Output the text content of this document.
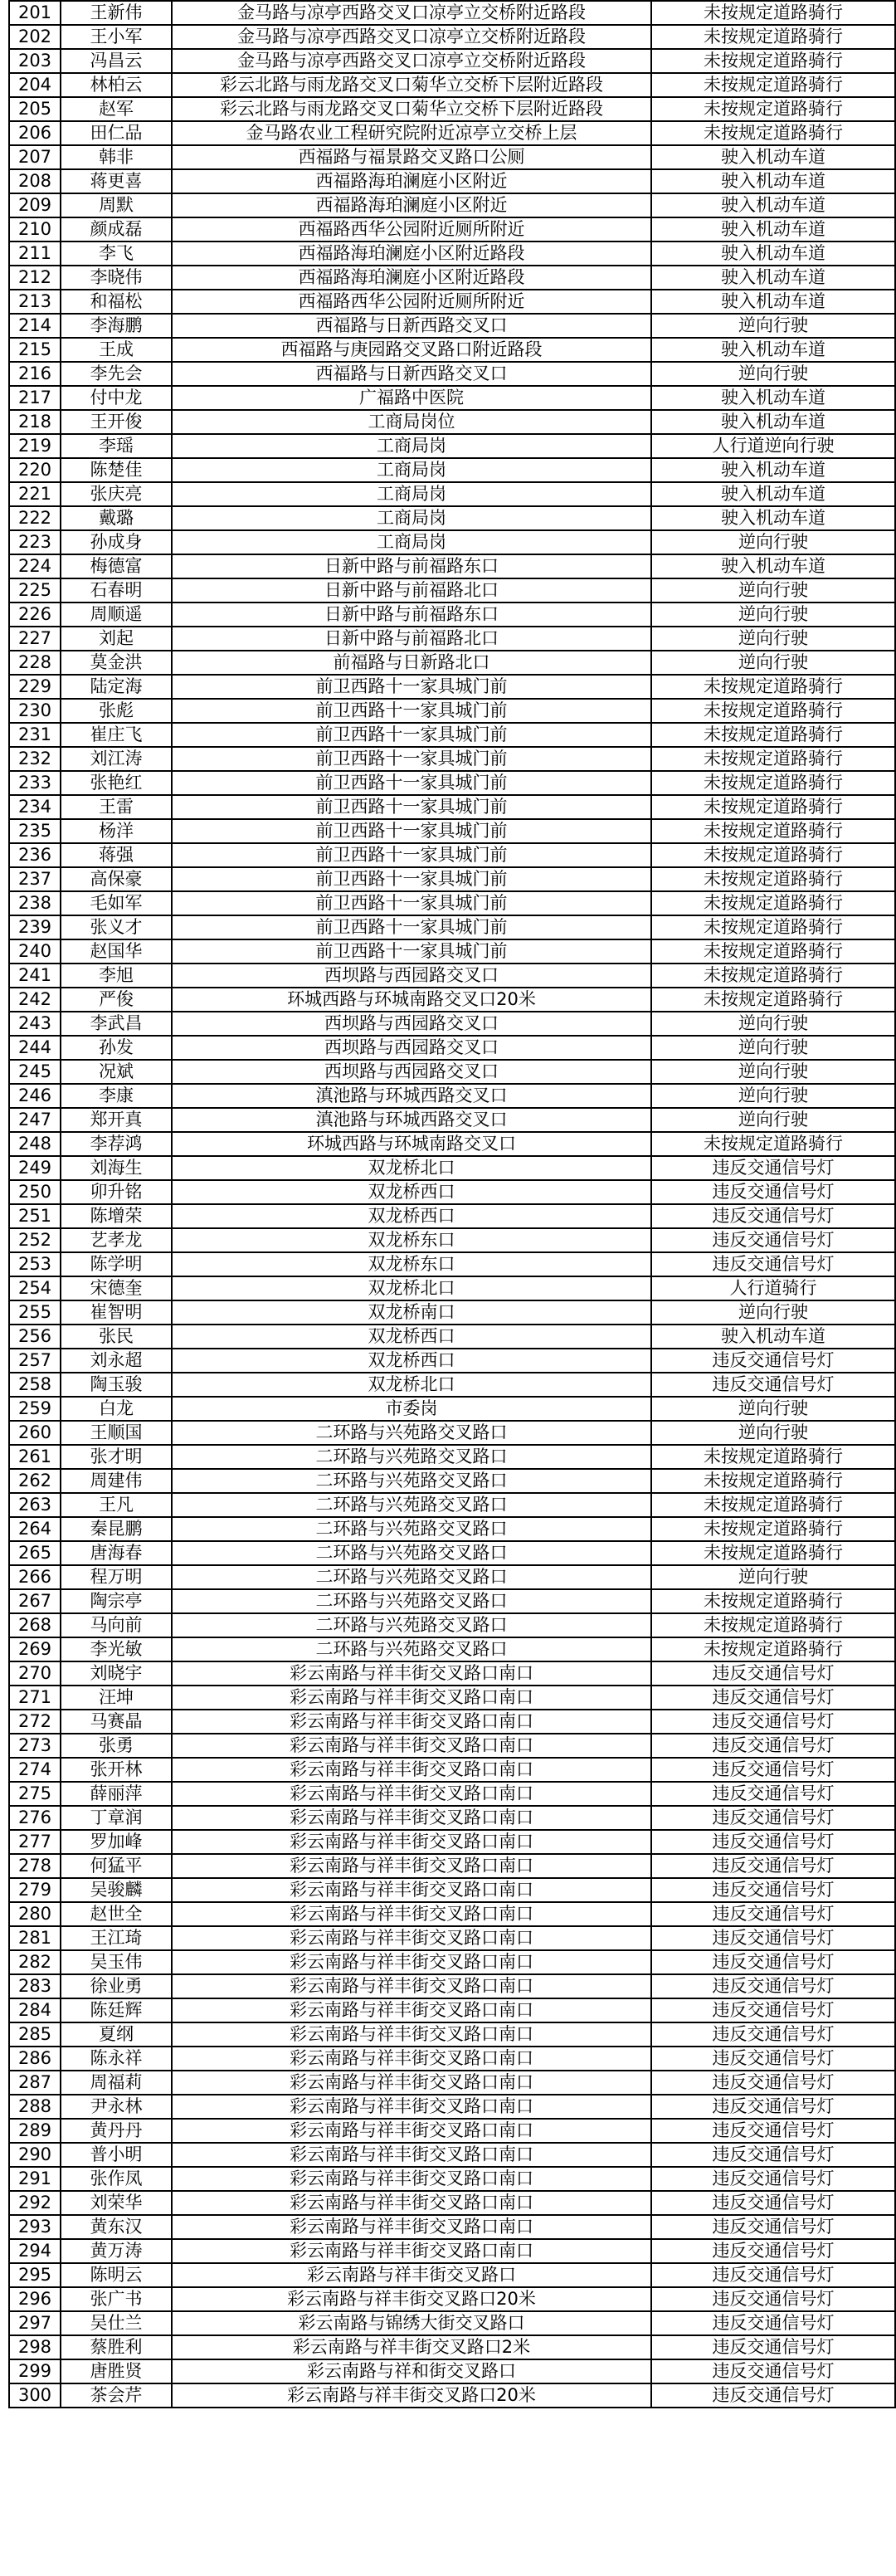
201	王新伟	金马路与凉亭西路交叉口凉亭立交桥附近路段	未按规定道路骑行
202	王小军	金马路与凉亭西路交叉口凉亭立交桥附近路段	未按规定道路骑行
203	冯昌云	金马路与凉亭西路交叉口凉亭立交桥附近路段	未按规定道路骑行
204	林柏云	彩云北路与雨龙路交叉口菊华立交桥下层附近路段	未按规定道路骑行
205	赵军	彩云北路与雨龙路交叉口菊华立交桥下层附近路段	未按规定道路骑行
206	田仁品	金马路农业工程研究院附近凉亭立交桥上层	未按规定道路骑行
207	韩非	西福路与福景路交叉路口公厕	驶入机动车道
208	蒋更喜	西福路海珀澜庭小区附近	驶入机动车道
209	周默	西福路海珀澜庭小区附近	驶入机动车道
210	颜成磊	西福路西华公园附近厕所附近	驶入机动车道
211	李飞	西福路海珀澜庭小区附近路段	驶入机动车道
212	李晓伟	西福路海珀澜庭小区附近路段	驶入机动车道
213	和福松	西福路西华公园附近厕所附近	驶入机动车道
214	李海鹏	西福路与日新西路交叉口	逆向行驶
215	王成	西福路与庚园路交叉路口附近路段	驶入机动车道
216	李先会	西福路与日新西路交叉口	逆向行驶
217	付中龙	广福路中医院	驶入机动车道
218	王开俊	工商局岗位	驶入机动车道
219	李瑶	工商局岗	人行道逆向行驶
220	陈楚佳	工商局岗	驶入机动车道
221	张庆亮	工商局岗	驶入机动车道
222	戴璐	工商局岗	驶入机动车道
223	孙成身	工商局岗	逆向行驶
224	梅德富	日新中路与前福路东口	驶入机动车道
225	石春明	日新中路与前福路北口	逆向行驶
226	周顺遥	日新中路与前福路东口	逆向行驶
227	刘起	日新中路与前福路北口	逆向行驶
228	莫金洪	前福路与日新路北口	逆向行驶
229	陆定海	前卫西路十一家具城门前	未按规定道路骑行
230	张彪	前卫西路十一家具城门前	未按规定道路骑行
231	崔庄飞	前卫西路十一家具城门前	未按规定道路骑行
232	刘江涛	前卫西路十一家具城门前	未按规定道路骑行
233	张艳红	前卫西路十一家具城门前	未按规定道路骑行
234	王雷	前卫西路十一家具城门前	未按规定道路骑行
235	杨洋	前卫西路十一家具城门前	未按规定道路骑行
236	蒋强	前卫西路十一家具城门前	未按规定道路骑行
237	高保豪	前卫西路十一家具城门前	未按规定道路骑行
238	毛如军	前卫西路十一家具城门前	未按规定道路骑行
239	张义才	前卫西路十一家具城门前	未按规定道路骑行
240	赵国华	前卫西路十一家具城门前	未按规定道路骑行
241	李旭	西坝路与西园路交叉口	未按规定道路骑行
242	严俊	环城西路与环城南路交叉口20米	未按规定道路骑行
243	李武昌	西坝路与西园路交叉口	逆向行驶
244	孙发	西坝路与西园路交叉口	逆向行驶
245	况斌	西坝路与西园路交叉口	逆向行驶
246	李康	滇池路与环城西路交叉口	逆向行驶
247	郑开真	滇池路与环城西路交叉口	逆向行驶
248	李荐鸿	环城西路与环城南路交叉口	未按规定道路骑行
249	刘海生	双龙桥北口	违反交通信号灯
250	卯升铭	双龙桥西口	违反交通信号灯
251	陈增荣	双龙桥西口	违反交通信号灯
252	艺孝龙	双龙桥东口	违反交通信号灯
253	陈学明	双龙桥东口	违反交通信号灯
254	宋德奎	双龙桥北口	人行道骑行
255	崔智明	双龙桥南口	逆向行驶
256	张民	双龙桥西口	驶入机动车道
257	刘永超	双龙桥西口	违反交通信号灯
258	陶玉骏	双龙桥北口	违反交通信号灯
259	白龙	市委岗	逆向行驶
260	王顺国	二环路与兴苑路交叉路口	逆向行驶
261	张才明	二环路与兴苑路交叉路口	未按规定道路骑行
262	周建伟	二环路与兴苑路交叉路口	未按规定道路骑行
263	王凡	二环路与兴苑路交叉路口	未按规定道路骑行
264	秦昆鹏	二环路与兴苑路交叉路口	未按规定道路骑行
265	唐海春	二环路与兴苑路交叉路口	未按规定道路骑行
266	程万明	二环路与兴苑路交叉路口	逆向行驶
267	陶宗亭	二环路与兴苑路交叉路口	未按规定道路骑行
268	马向前	二环路与兴苑路交叉路口	未按规定道路骑行
269	李光敏	二环路与兴苑路交叉路口	未按规定道路骑行
270	刘晓宇	彩云南路与祥丰街交叉路口南口	违反交通信号灯
271	汪坤	彩云南路与祥丰街交叉路口南口	违反交通信号灯
272	马赛晶	彩云南路与祥丰街交叉路口南口	违反交通信号灯
273	张勇	彩云南路与祥丰街交叉路口南口	违反交通信号灯
274	张开林	彩云南路与祥丰街交叉路口南口	违反交通信号灯
275	薛丽萍	彩云南路与祥丰街交叉路口南口	违反交通信号灯
276	丁章润	彩云南路与祥丰街交叉路口南口	违反交通信号灯
277	罗加峰	彩云南路与祥丰街交叉路口南口	违反交通信号灯
278	何猛平	彩云南路与祥丰街交叉路口南口	违反交通信号灯
279	吴骏麟	彩云南路与祥丰街交叉路口南口	违反交通信号灯
280	赵世全	彩云南路与祥丰街交叉路口南口	违反交通信号灯
281	王江琦	彩云南路与祥丰街交叉路口南口	违反交通信号灯
282	吴玉伟	彩云南路与祥丰街交叉路口南口	违反交通信号灯
283	徐业勇	彩云南路与祥丰街交叉路口南口	违反交通信号灯
284	陈廷辉	彩云南路与祥丰街交叉路口南口	违反交通信号灯
285	夏纲	彩云南路与祥丰街交叉路口南口	违反交通信号灯
286	陈永祥	彩云南路与祥丰街交叉路口南口	违反交通信号灯
287	周福莉	彩云南路与祥丰街交叉路口南口	违反交通信号灯
288	尹永林	彩云南路与祥丰街交叉路口南口	违反交通信号灯
289	黄丹丹	彩云南路与祥丰街交叉路口南口	违反交通信号灯
290	普小明	彩云南路与祥丰街交叉路口南口	违反交通信号灯
291	张作凤	彩云南路与祥丰街交叉路口南口	违反交通信号灯
292	刘荣华	彩云南路与祥丰街交叉路口南口	违反交通信号灯
293	黄东汉	彩云南路与祥丰街交叉路口南口	违反交通信号灯
294	黄万涛	彩云南路与祥丰街交叉路口南口	违反交通信号灯
295	陈明云	彩云南路与祥丰街交叉路口	违反交通信号灯
296	张广书	彩云南路与祥丰街交叉路口20米	违反交通信号灯
297	吴仕兰	彩云南路与锦绣大街交叉路口	违反交通信号灯
298	蔡胜利	彩云南路与祥丰街交叉路口2米	违反交通信号灯
299	唐胜贤	彩云南路与祥和街交叉路口	违反交通信号灯
300	茶会芹	彩云南路与祥丰街交叉路口20米	违反交通信号灯
